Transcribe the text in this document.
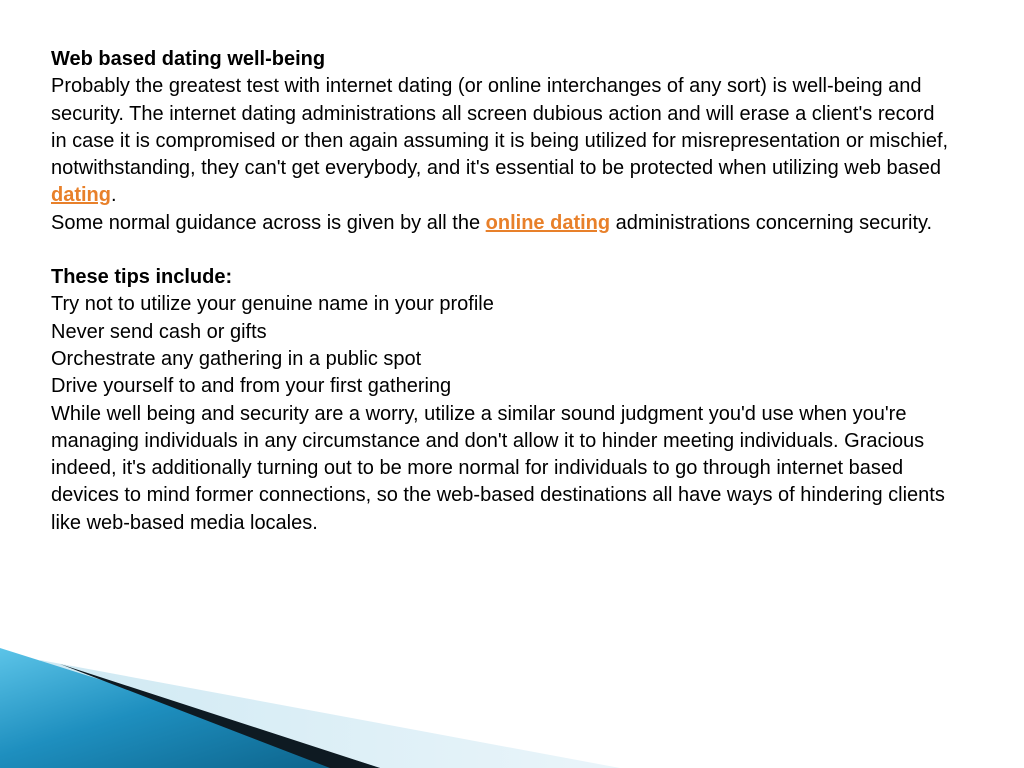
Web based dating well-being

Probably the greatest test with internet dating (or online interchanges of any sort) is well-being and security. The internet dating administrations all screen dubious action and will erase a client's record in case it is compromised or then again assuming it is being utilized for misrepresentation or mischief, notwithstanding, they can't get everybody, and it's essential to be protected when utilizing web based dating.

Some normal guidance across is given by all the online dating administrations concerning security.

These tips include:

Try not to utilize your genuine name in your profile

Never send cash or gifts

Orchestrate any gathering in a public spot

Drive yourself to and from your first gathering

While well being and security are a worry, utilize a similar sound judgment you'd use when you're managing individuals in any circumstance and don't allow it to hinder meeting individuals. Gracious indeed, it's additionally turning out to be more normal for individuals to go through internet based devices to mind former connections, so the web-based destinations all have ways of hindering clients like web-based media locales.
